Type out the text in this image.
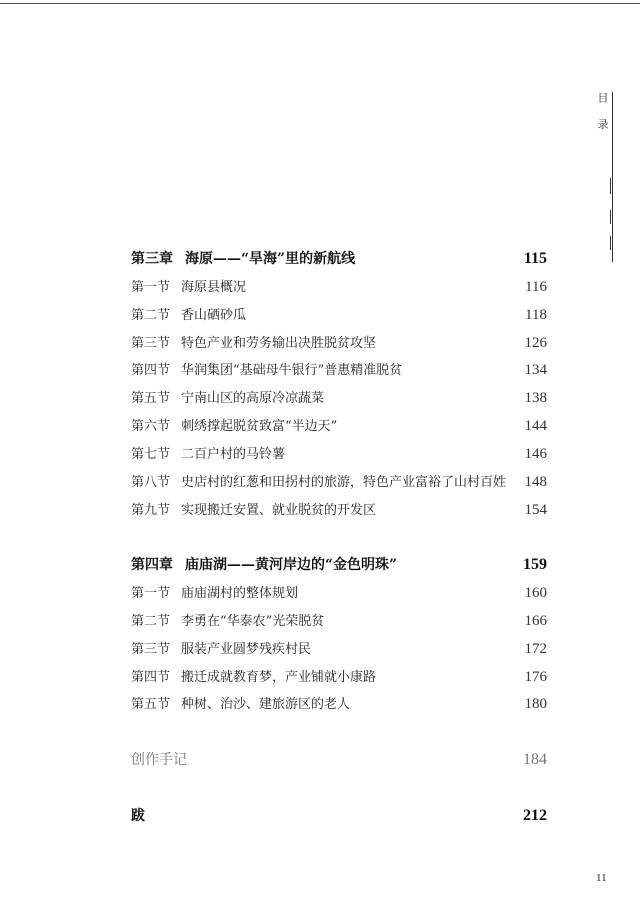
目 录
第三章 海原——“旱海”里的新航线	115
第一节 海原县概况	116
第二节 香山硒砂瓜	118
第三节 特色产业和劳务输出决胜脱贫攻坚	126
第四节 华润集团“基础母牛银行”普惠精准脱贫	134
第五节 宁南山区的高原冷凉蔬菜	138
第六节 刺绣撑起脱贫致富“半边天”	144
第七节 二百户村的马铃薯	146
第八节 史店村的红葱和田拐村的旅游，特色产业富裕了山村百姓 148
第九节 实现搬迁安置、就业脱贫的开发区	154
第四章 庙庙湖——黄河岸边的“金色明珠”	159
第一节 庙庙湖村的整体规划	160
第二节 李勇在“华泰农”光荣脱贫	166
第三节 服装产业圆梦残疾村民	172
第四节 搬迁成就教育梦，产业铺就小康路	176
第五节 种树、治沙、建旅游区的老人	180
创作手记	184
跋	212
11
